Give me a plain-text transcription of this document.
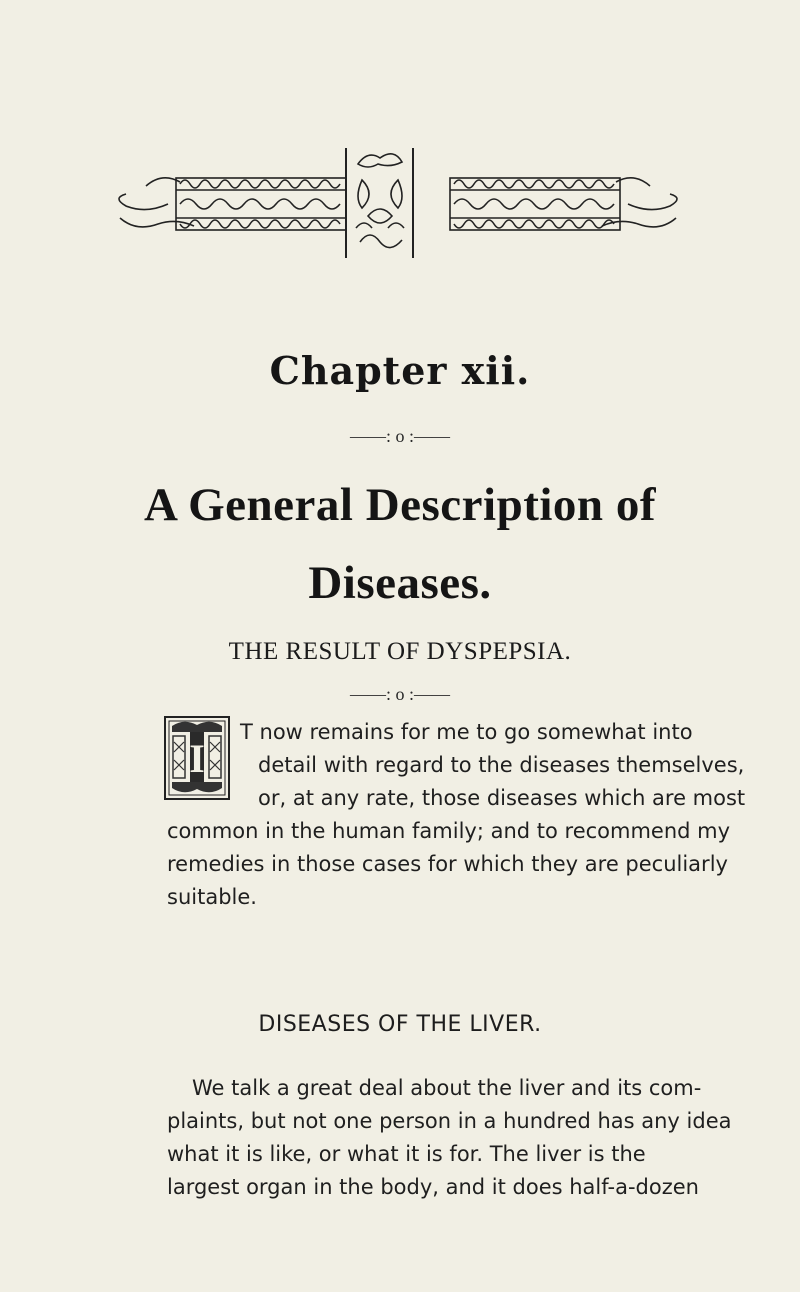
Chapter xii.
——: o :——
A General Description of
Diseases.
THE RESULT OF DYSPEPSIA.
——: o :——
I
T now remains for me to go somewhat into
detail with regard to the diseases themselves,
or, at any rate, those diseases which are most
common in the human family; and to recommend my
remedies in those cases for which they are peculiarly
suitable.
DISEASES OF THE LIVER.
We talk a great deal about the liver and its com-
plaints, but not one person in a hundred has any idea
what it is like, or what it is for. The liver is the
largest organ in the body, and it does half-a-dozen
